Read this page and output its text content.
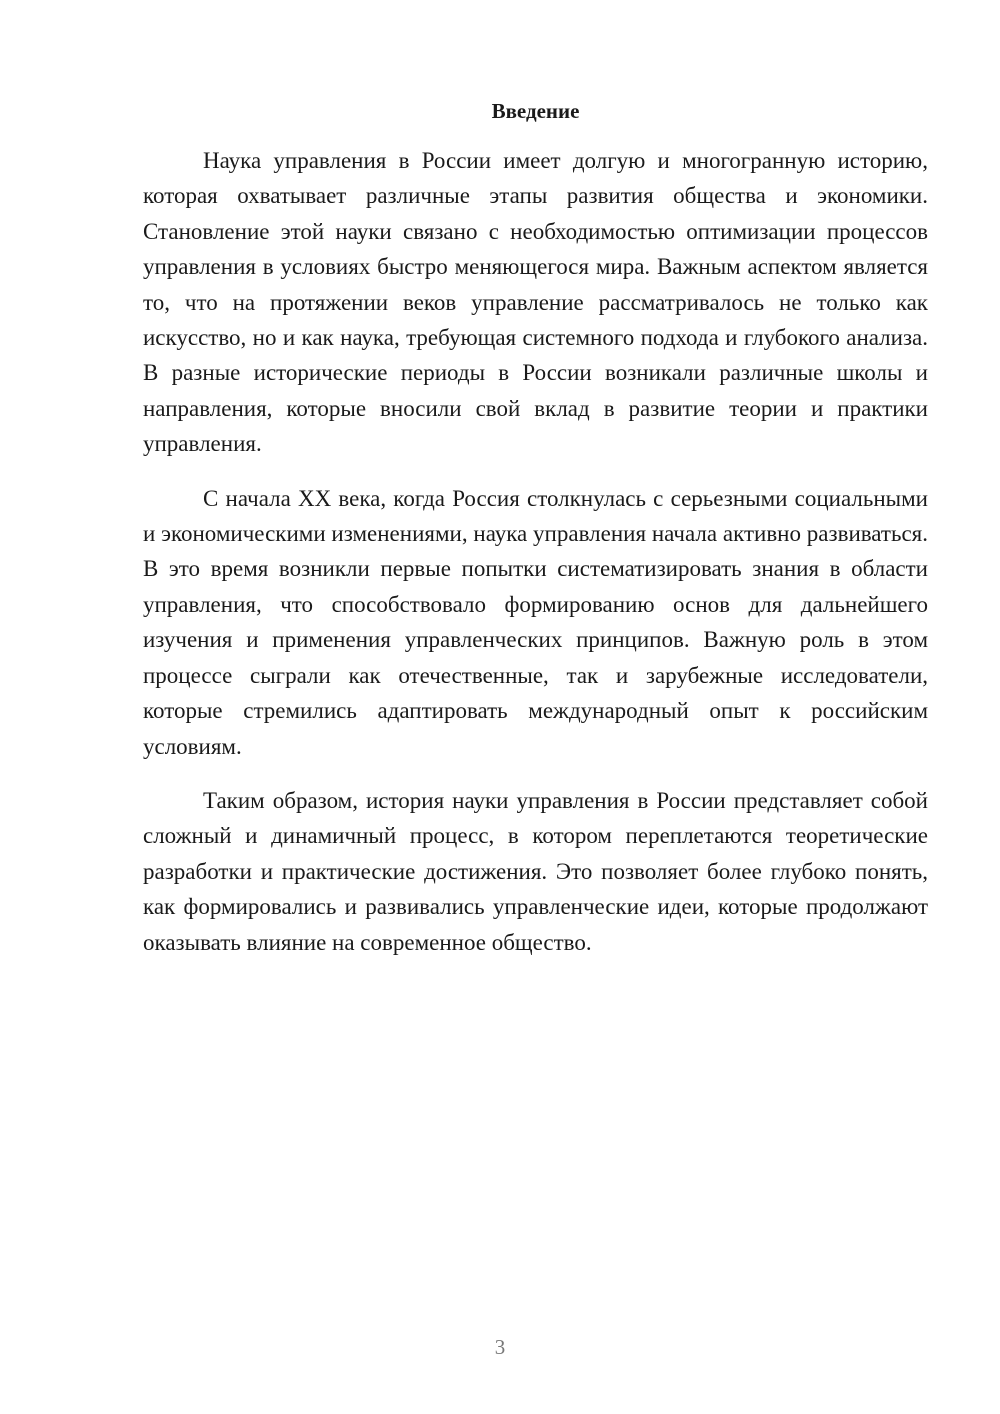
Введение

Наука управления в России имеет долгую и многогранную историю, которая охватывает различные этапы развития общества и экономики. Становление этой науки связано с необходимостью оптимизации процессов управления в условиях быстро меняющегося мира. Важным аспектом является то, что на протяжении веков управление рассматривалось не только как искусство, но и как наука, требующая системного подхода и глубокого анализа. В разные исторические периоды в России возникали различные школы и направления, которые вносили свой вклад в развитие теории и практики управления.

С начала XX века, когда Россия столкнулась с серьезными социальными и экономическими изменениями, наука управления начала активно развиваться. В это время возникли первые попытки систематизировать знания в области управления, что способствовало формированию основ для дальнейшего изучения и применения управленческих принципов. Важную роль в этом процессе сыграли как отечественные, так и зарубежные исследователи, которые стремились адаптировать международный опыт к российским условиям.

Таким образом, история науки управления в России представляет собой сложный и динамичный процесс, в котором переплетаются теоретические разработки и практические достижения. Это позволяет более глубоко понять, как формировались и развивались управленческие идеи, которые продолжают оказывать влияние на современное общество.

3
